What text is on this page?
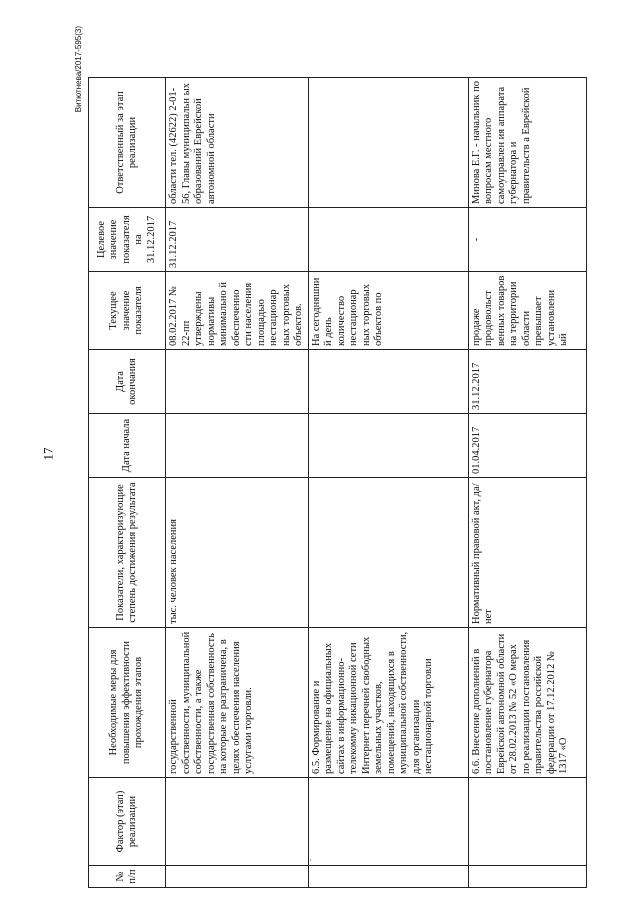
17
'
Витютнева/2017-595(3)
№ п/п	Фактор (этап) реализации	Необходимые меры для повышения эффективности прохождения этапов	Показатели, характеризующие степень достижения результата	Дата начала	Дата окончания	Текущее значение показателя	Целевое значение показателя на 31.12.2017	Ответственный за этап реализации
		государственной собственности, муниципальной собственности, а также государственная собственность на которые не разграничена, в целях обеспечения населения услугами торговли.	тыс. человек населения			08.02.2017 № 22-пп утверждены нормативы минимально й обеспеченно сти населения площадью нестационар ных торговых объектов.	31.12.2017	области тел. (42622) 2-01-56, Главы муниципальн ых образований Еврейской автономной области
		6.5. Формирование и размещение на официальных сайтах в информационно-телекомму никационной сети Интернет перечней свободных земельных участков, помещений, находящихся в муниципальной собственности, для организации нестационарной торговли				На сегодняшни й день количество нестационар ных торговых объектов по		
		6.6. Внесение дополнений в постановление губернатора Еврейской автономной области от 28.02.2013 № 52 «О мерах по реализации постановления правительства российской федерации от 17.12.2012 № 1317 «О	Нормативный правовой акт, да/нет	01.04.2017	31.12.2017	продаже продовольст венных товаров на территории области превышает установлени ый	-	Минова Е.Г. - начальник по вопросам местного самоуправлен ия аппарата губернатора и правительств а Еврейской
